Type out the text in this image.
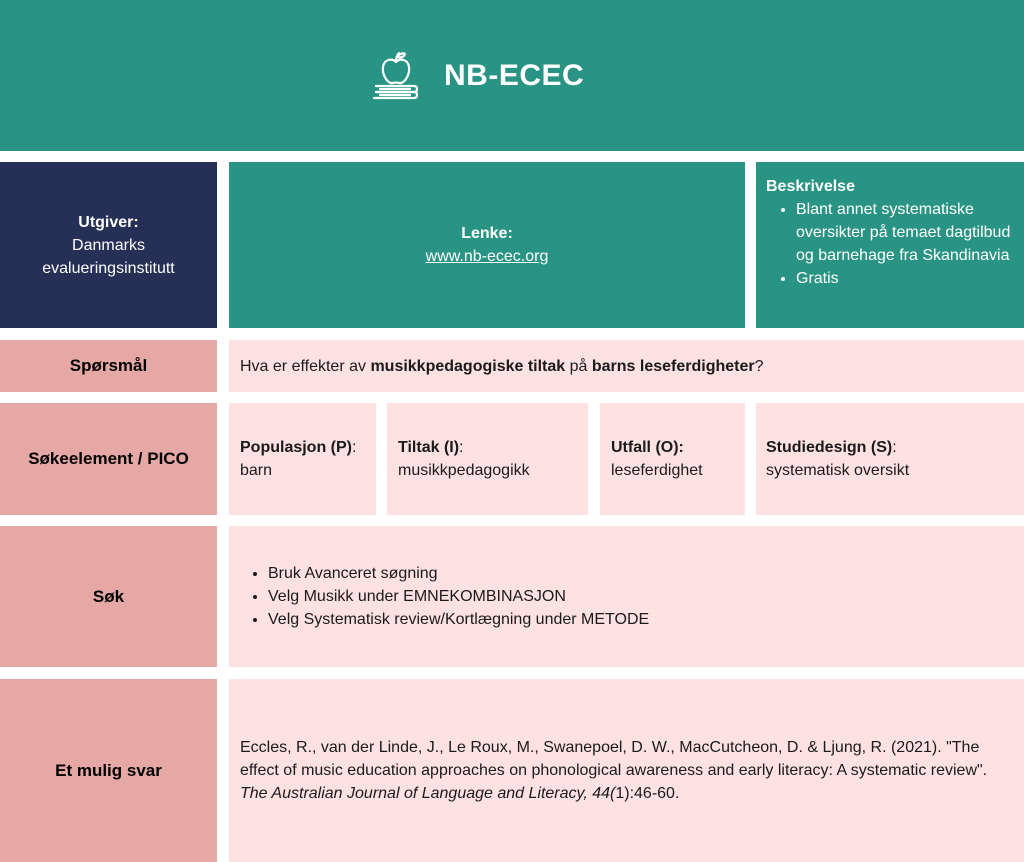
NB-ECEC
Utgiver:
Danmarks
evalueringsinstitutt
Lenke:
www.nb-ecec.org
Beskrivelse
• Blant annet systematiske oversikter på temaet dagtilbud og barnehage fra Skandinavia
• Gratis
Spørsmål	Hva er effekter av musikkpedagogiske tiltak på barns leseferdigheter?
Søkeelement / PICO
Populasjon (P):
barn
Tiltak (I):
musikkpedagogikk
Utfall (O):
leseferdighet
Studiedesign (S):
systematisk oversikt
Søk
• Bruk Avanceret søgning
• Velg Musikk under EMNEKOMBINASJON
• Velg Systematisk review/Kortlægning under METODE
Et mulig svar
Eccles, R., van der Linde, J., Le Roux, M., Swanepoel, D. W., MacCutcheon, D. & Ljung, R. (2021). "The effect of music education approaches on phonological awareness and early literacy: A systematic review". The Australian Journal of Language and Literacy, 44(1):46-60.
